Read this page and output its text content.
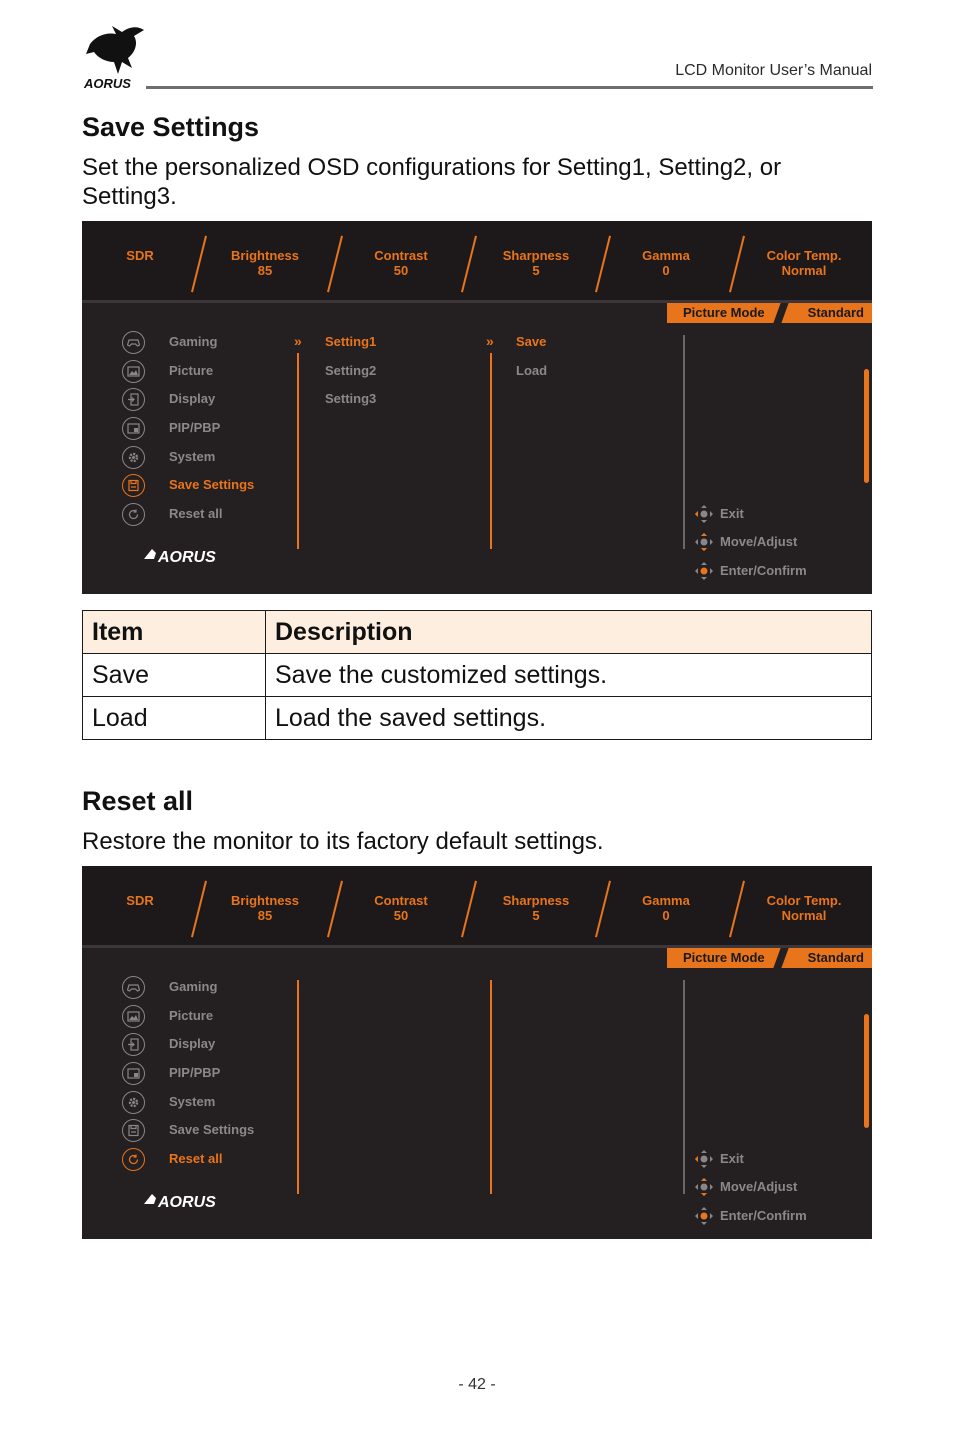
AORUS
LCD Monitor User’s Manual
Save Settings

Set the personalized OSD configurations for Setting1, Setting2, or Setting3.

SDR	Brightness
85
Contrast
50
Sharpness
5
Gamma
0
Color Temp.
Normal
Picture Mode	Standard
Gaming
Picture
Display
PIP/PBP
System
Save Settings
Reset all
»	»
Setting1
Setting2
Setting3
Save
Load
Exit
Move/Adjust
Enter/Confirm
AORUS
Item	Description
Save	Save the customized settings.
Load	Load the saved settings.
Reset all

Restore the monitor to its factory default settings.

SDR	Brightness
85
Contrast
50
Sharpness
5
Gamma
0
Color Temp.
Normal
Picture Mode	Standard
Gaming
Picture
Display
PIP/PBP
System
Save Settings
Reset all	Exit
Move/Adjust
Enter/Confirm
AORUS
- 42 -
